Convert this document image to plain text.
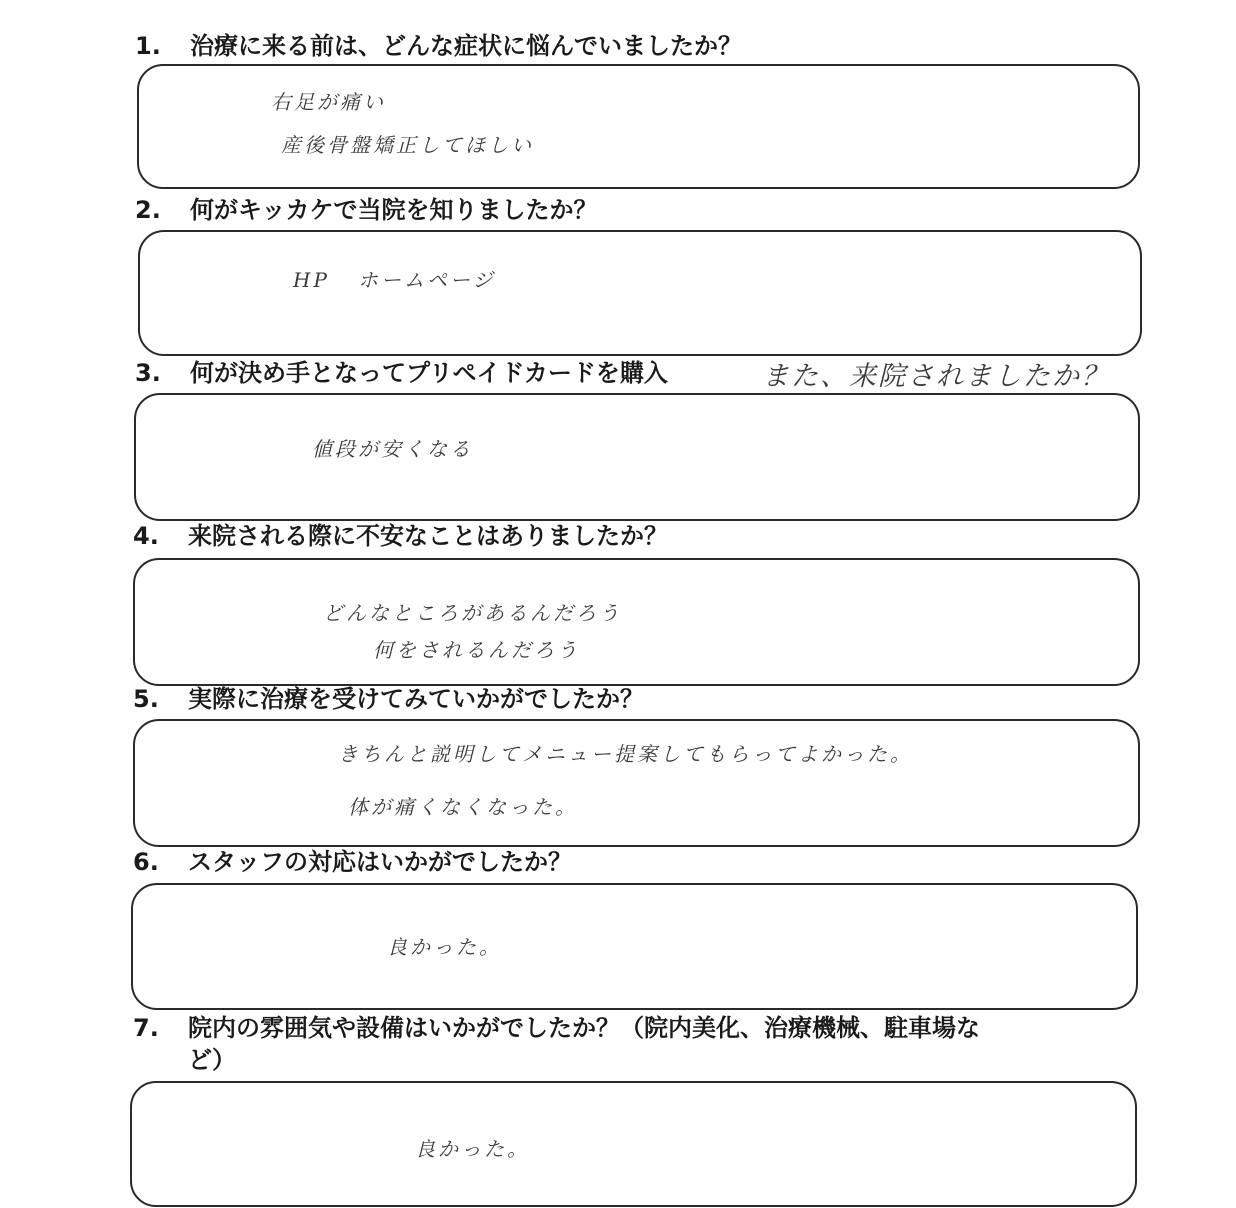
1. 治療に来る前は、どんな症状に悩んでいましたか？
右足が痛い
産後骨盤矯正してほしい
2. 何がキッカケで当院を知りましたか？
HP ホームページ
3. 何が決め手となってプリペイドカードを購入	また、来院されましたか？
値段が安くなる
4. 来院される際に不安なことはありましたか？
どんなところがあるんだろう
何をされるんだろう
5. 実際に治療を受けてみていかがでしたか？
きちんと説明してメニュー提案してもらってよかった。
体が痛くなくなった。
6. スタッフの対応はいかがでしたか？
良かった。
7. 院内の雰囲気や設備はいかがでしたか？（院内美化、治療機械、駐車場な
ど）
良かった。
